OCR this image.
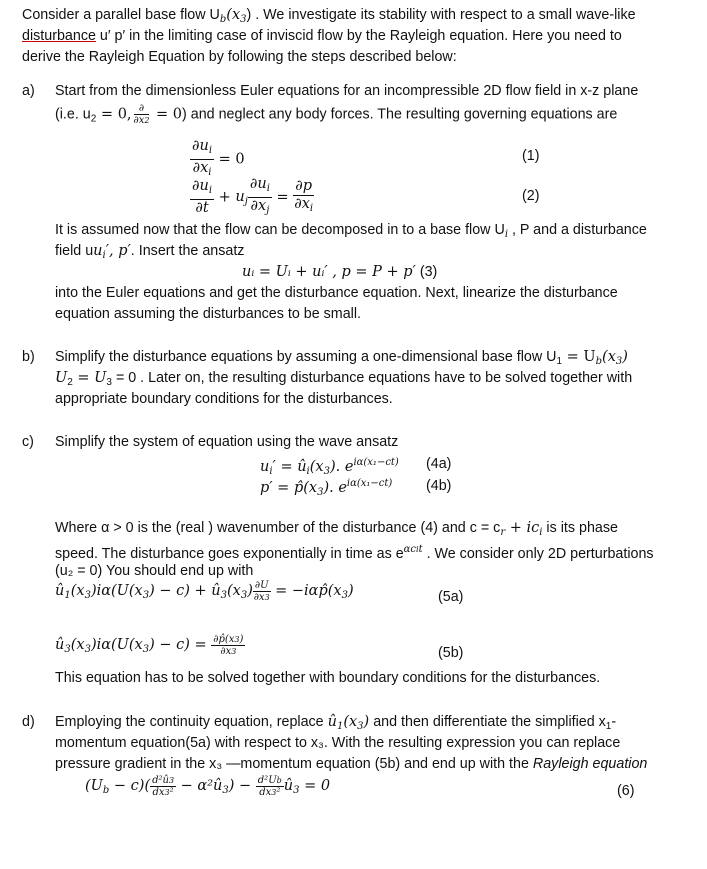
Consider a parallel base flow $U_b(x_3)$ . We investigate its stability with respect to a small wave-like
disturbance u′ p′ in the limiting case of inviscid flow by the Rayleigh equation. Here you need to
derive the Rayleigh Equation by following the steps described below:
a) Start from the dimensionless Euler equations for an incompressible 2D flow field in x-z plane
(i.e. $u_2 = 0$, $\frac{\partial}{\partial x2} = 0$) and neglect any body forces. The resulting governing equations are
$\frac{\partial u_i}{\partial x_i} = 0$	(1)
$\frac{\partial u_i}{\partial t} + u_j \frac{\partial u_i}{\partial x_j} = \frac{\partial p}{\partial x_i}$	(2)
It is assumed now that the flow can be decomposed in to a base flow $U_i$ , P and a disturbance
field $uu_i'$, p′. Insert the ansatz
uᵢ = Uᵢ + uᵢ′ , p = P + p′ (3)
into the Euler equations and get the disturbance equation. Next, linearize the disturbance
equation assuming the disturbances to be small.
b) Simplify the disturbance equations by assuming a one-dimensional base flow $U_1 = U_b(x_3)$
$U_2 = U_3 = 0$ . Later on, the resulting disturbance equations have to be solved together with
appropriate boundary conditions for the disturbances.
c) Simplify the system of equation using the wave ansatz
$u_i'$ = $û_i(x_3)$. $e^{i\alpha(x_1-ct)}$ (4a)
$p' = p̂(x_3)$. $e^{i\alpha(x_1-ct)}$ (4b)
Where α > 0 is the (real ) wavenumber of the disturbance (4) and $c = c_r + ic_i$ is its phase
speed. The disturbance goes exponentially in time as $e^{\alpha cit}$ . We consider only 2D perturbations
(u₂ = 0) You should end up with
$û_1(x_3)i\alpha(U(x_3) - c)$ + $û_3(x_3) \frac{\partial U}{\partial x3}$ = $-i\alpha p̂(x_3)$	(5a)
$û_3(x_3)i\alpha(U(x_3) - c) = \frac{\partial p̂(x3)}{\partial x3}$	(5b)
This equation has to be solved together with boundary conditions for the disturbances.
d) Employing the continuity equation, replace $û_1(x_3)$ and then differentiate the simplified $x_1-$
momentum equation(5a) with respect to x₃. With the resulting expression you can replace
pressure gradient in the x₃ —momentum equation (5b) and end up with the Rayleigh equation
$(U_b - c)( \frac{\text{d²û3}}{\text{dx3²}}$ − $\alpha^2û_3) - \frac{\text{d²Ub}}{\text{dx3²}}$ $û_3 = 0$	(6)
